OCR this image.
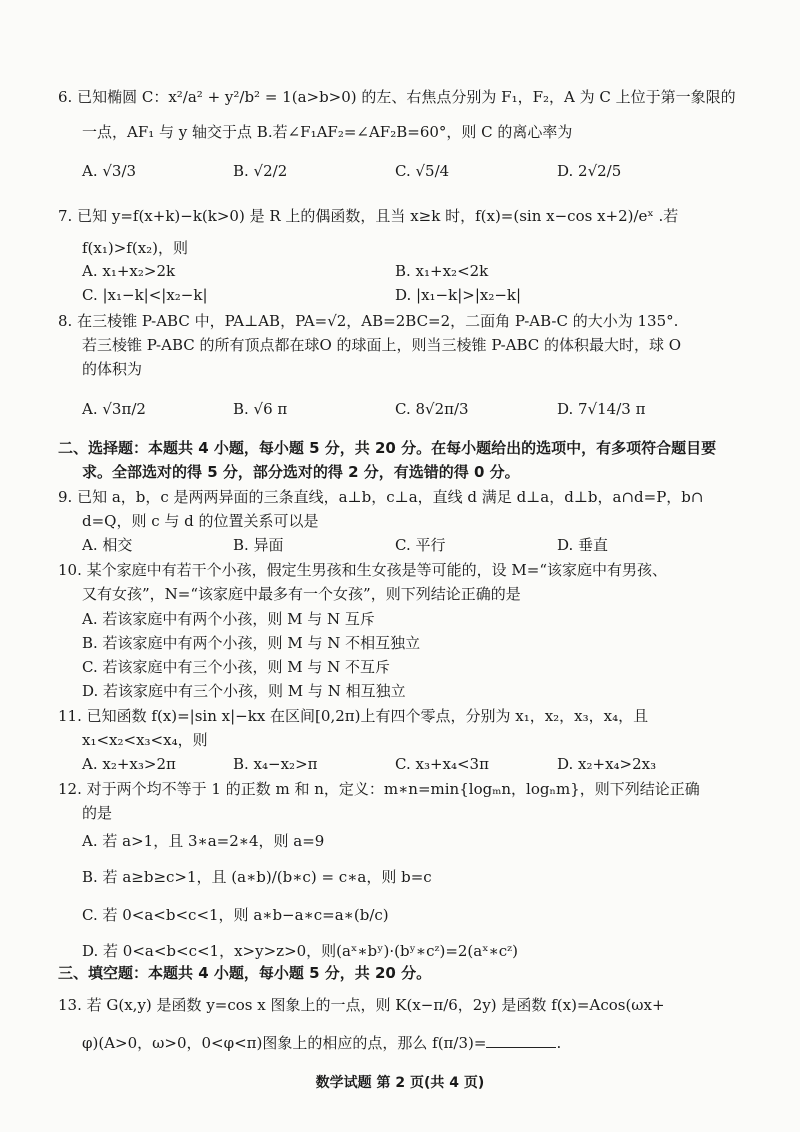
6. 已知椭圆 C：x²/a² + y²/b² = 1(a>b>0) 的左、右焦点分别为 F₁，F₂，A 为 C 上位于第一象限的
一点，AF₁ 与 y 轴交于点 B.若∠F₁AF₂=∠AF₂B=60°，则 C 的离心率为
A. √3/3	B. √2/2	C. √5/4	D. 2√2/5
7. 已知 y=f(x+k)−k(k>0) 是 R 上的偶函数，且当 x≥k 时，f(x)=(sin x−cos x+2)/eˣ .若
f(x₁)>f(x₂)，则
A. x₁+x₂>2k	B. x₁+x₂<2k
C. |x₁−k|<|x₂−k|	D. |x₁−k|>|x₂−k|
8. 在三棱锥 P-ABC 中，PA⊥AB，PA=√2，AB=2BC=2，二面角 P-AB-C 的大小为 135°.
若三棱锥 P-ABC 的所有顶点都在球O 的球面上，则当三棱锥 P-ABC 的体积最大时，球 O
的体积为
A. √3π/2	B. √6 π	C. 8√2π/3	D. 7√14/3 π
二、选择题：本题共 4 小题，每小题 5 分，共 20 分。在每小题给出的选项中，有多项符合题目要
求。全部选对的得 5 分，部分选对的得 2 分，有选错的得 0 分。
9. 已知 a，b，c 是两两异面的三条直线，a⊥b，c⊥a，直线 d 满足 d⊥a，d⊥b，a∩d=P，b∩
d=Q，则 c 与 d 的位置关系可以是
A. 相交	B. 异面	C. 平行	D. 垂直
10. 某个家庭中有若干个小孩，假定生男孩和生女孩是等可能的，设 M=“该家庭中有男孩、
又有女孩”，N=“该家庭中最多有一个女孩”，则下列结论正确的是
A. 若该家庭中有两个小孩，则 M 与 N 互斥
B. 若该家庭中有两个小孩，则 M 与 N 不相互独立
C. 若该家庭中有三个小孩，则 M 与 N 不互斥
D. 若该家庭中有三个小孩，则 M 与 N 相互独立
11. 已知函数 f(x)=|sin x|−kx 在区间[0,2π)上有四个零点，分别为 x₁，x₂，x₃，x₄，且
x₁<x₂<x₃<x₄，则
A. x₂+x₃>2π	B. x₄−x₂>π	C. x₃+x₄<3π	D. x₂+x₄>2x₃
12. 对于两个均不等于 1 的正数 m 和 n，定义：m∗n=min{logₘn，logₙm}，则下列结论正确
的是
A. 若 a>1，且 3∗a=2∗4，则 a=9
B. 若 a≥b≥c>1，且 (a∗b)/(b∗c) = c∗a，则 b=c
C. 若 0<a<b<c<1，则 a∗b−a∗c=a∗(b/c)
D. 若 0<a<b<c<1，x>y>z>0，则(aˣ∗bʸ)·(bʸ∗cᶻ)=2(aˣ∗cᶻ)
三、填空题：本题共 4 小题，每小题 5 分，共 20 分。
13. 若 G(x,y) 是函数 y=cos x 图象上的一点，则 K(x−π/6，2y) 是函数 f(x)=Acos(ωx+
φ)(A>0，ω>0，0<φ<π)图象上的相应的点，那么 f(π/3)=	.
数学试题 第 2 页(共 4 页)
